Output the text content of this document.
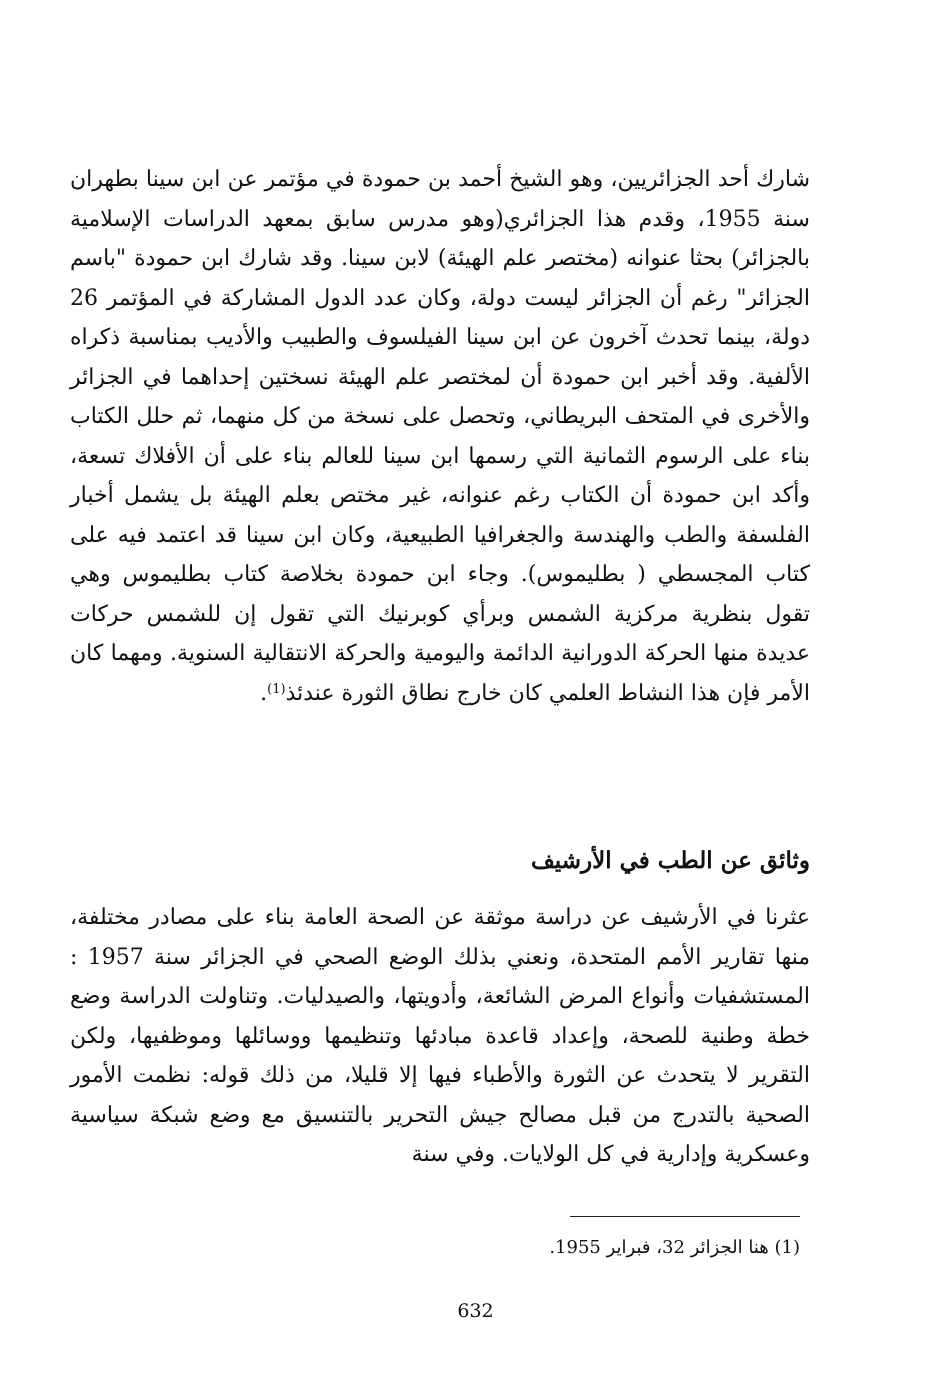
شارك أحد الجزائريين، وهو الشيخ أحمد بن حمودة في مؤتمر عن ابن سينا بطهران سنة 1955، وقدم هذا الجزائري(وهو مدرس سابق بمعهد الدراسات الإسلامية بالجزائر) بحثا عنوانه (مختصر علم الهيئة) لابن سينا. وقد شارك ابن حمودة "باسم الجزائر" رغم أن الجزائر ليست دولة، وكان عدد الدول المشاركة في المؤتمر 26 دولة، بينما تحدث آخرون عن ابن سينا الفيلسوف والطبيب والأديب بمناسبة ذكراه الألفية. وقد أخبر ابن حمودة أن لمختصر علم الهيئة نسختين إحداهما في الجزائر والأخرى في المتحف البريطاني، وتحصل على نسخة من كل منهما، ثم حلل الكتاب بناء على الرسوم الثمانية التي رسمها ابن سينا للعالم بناء على أن الأفلاك تسعة، وأكد ابن حمودة أن الكتاب رغم عنوانه، غير مختص بعلم الهيئة بل يشمل أخبار الفلسفة والطب والهندسة والجغرافيا الطبيعية، وكان ابن سينا قد اعتمد فيه على كتاب المجسطي ( بطليموس). وجاء ابن حمودة بخلاصة كتاب بطليموس وهي تقول بنظرية مركزية الشمس وبرأي كوبرنيك التي تقول إن للشمس حركات عديدة منها الحركة الدورانية الدائمة واليومية والحركة الانتقالية السنوية. ومهما كان الأمر فإن هذا النشاط العلمي كان خارج نطاق الثورة عندئذ$^{(1)}$.

وثائق عن الطب في الأرشيف

عثرنا في الأرشيف عن دراسة موثقة عن الصحة العامة بناء على مصادر مختلفة، منها تقارير الأمم المتحدة، ونعني بذلك الوضع الصحي في الجزائر سنة 1957 : المستشفيات وأنواع المرض الشائعة، وأدويتها، والصيدليات. وتناولت الدراسة وضع خطة وطنية للصحة، وإعداد قاعدة مبادئها وتنظيمها ووسائلها وموظفيها، ولكن التقرير لا يتحدث عن الثورة والأطباء فيها إلا قليلا، من ذلك قوله: نظمت الأمور الصحية بالتدرج من قبل مصالح جيش التحرير بالتنسيق مع وضع شبكة سياسية وعسكرية وإدارية في كل الولايات. وفي سنة

(1) هنا الجزائر 32، فبراير 1955.
632
